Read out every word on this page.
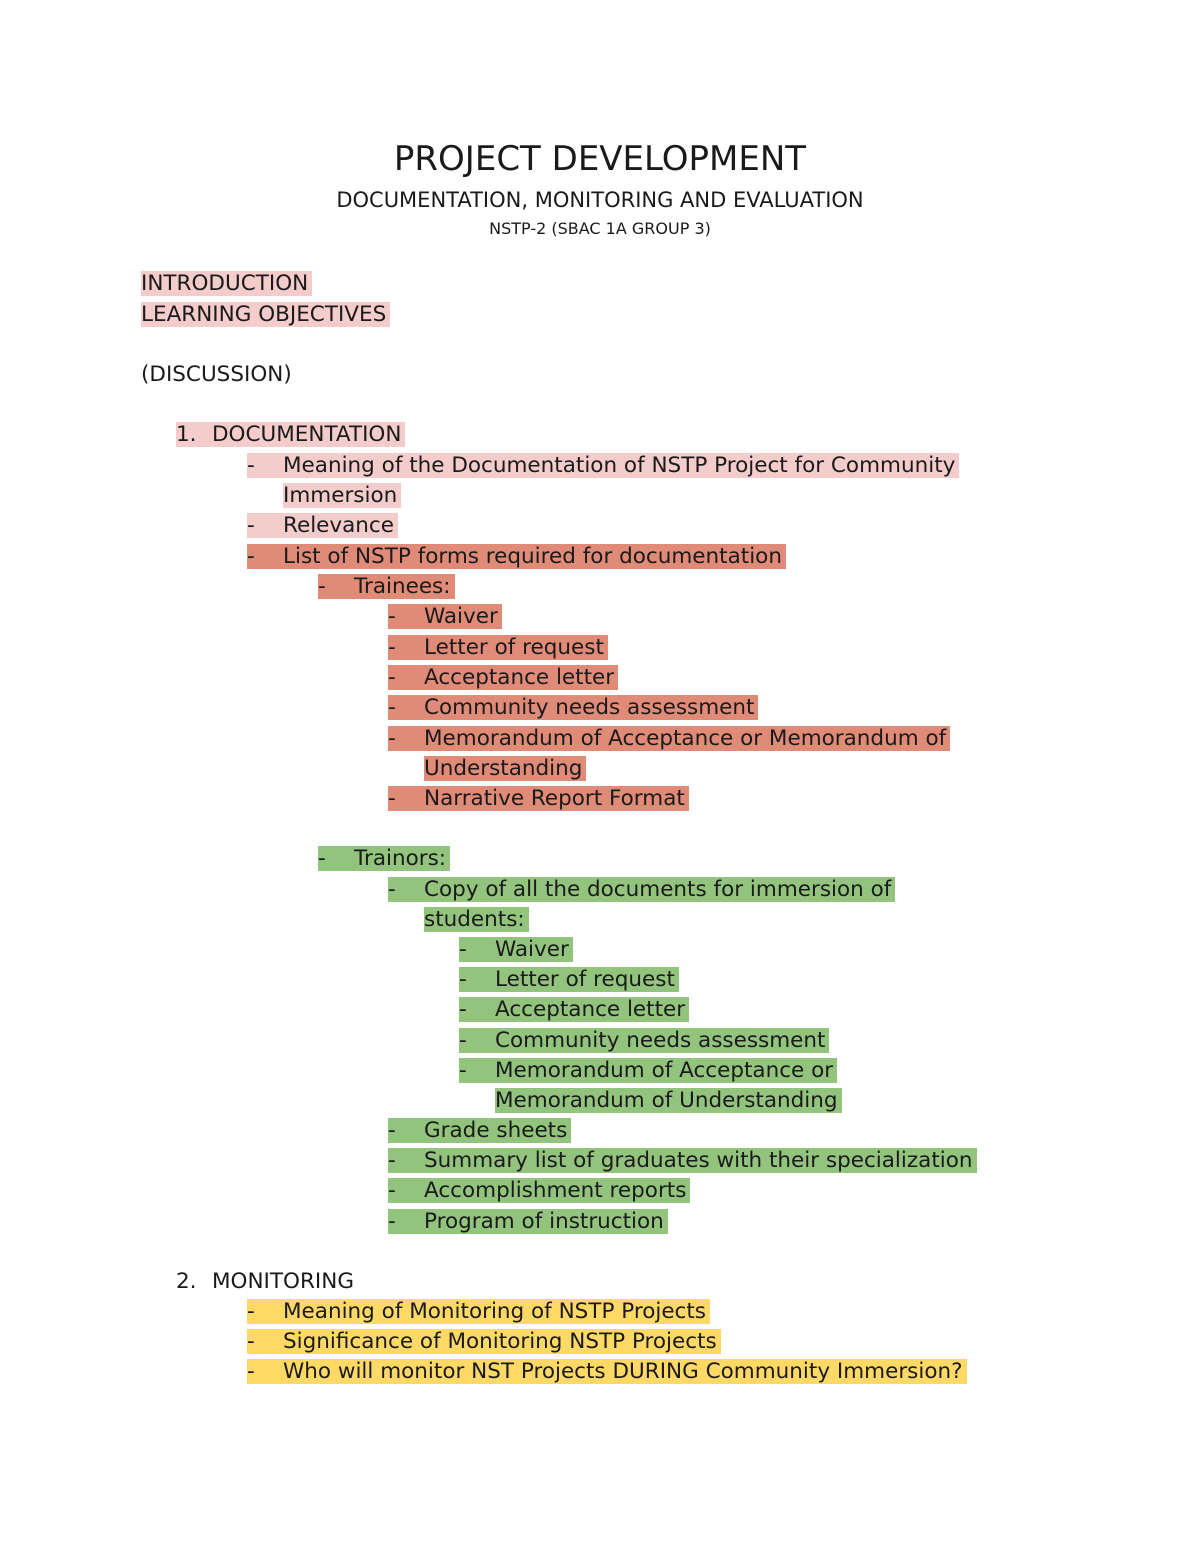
PROJECT DEVELOPMENT
DOCUMENTATION, MONITORING AND EVALUATION
NSTP-2 (SBAC 1A GROUP 3)
INTRODUCTION
LEARNING OBJECTIVES
(DISCUSSION)
1. DOCUMENTATION
- Meaning of the Documentation of NSTP Project for Community
Immersion
- Relevance
- List of NSTP forms required for documentation
- Trainees:
- Waiver
- Letter of request
- Acceptance letter
- Community needs assessment
- Memorandum of Acceptance or Memorandum of
Understanding
- Narrative Report Format
- Trainors:
- Copy of all the documents for immersion of
students:
- Waiver
- Letter of request
- Acceptance letter
- Community needs assessment
- Memorandum of Acceptance or
Memorandum of Understanding
- Grade sheets
- Summary list of graduates with their specialization
- Accomplishment reports
- Program of instruction
2. MONITORING
- Meaning of Monitoring of NSTP Projects
- Significance of Monitoring NSTP Projects
- Who will monitor NST Projects DURING Community Immersion?
